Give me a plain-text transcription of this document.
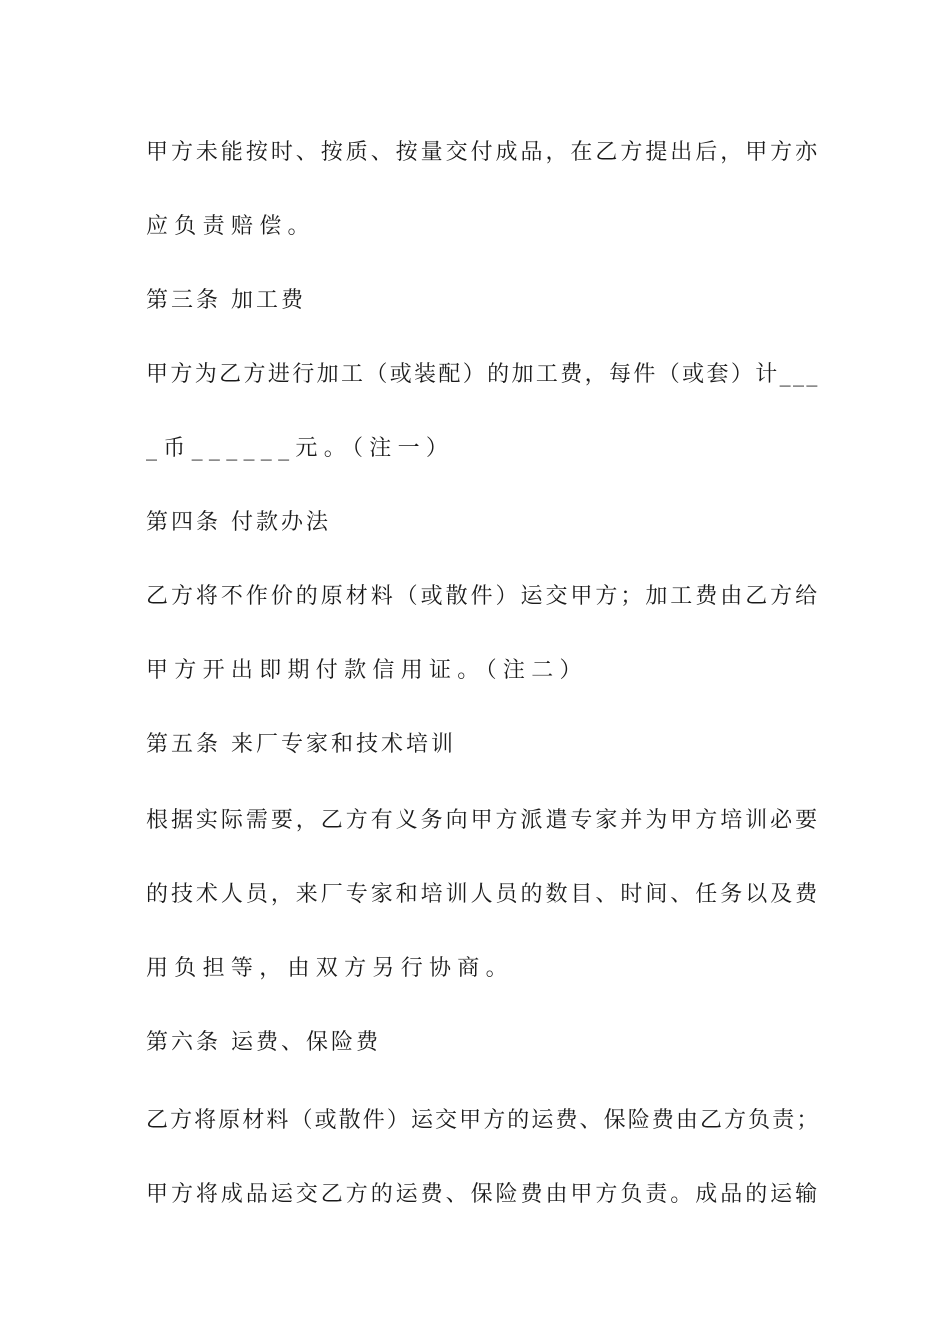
甲方未能按时、按质、按量交付成品，在乙方提出后，甲方亦
应负责赔偿。
第三条 加工费
甲方为乙方进行加工（或装配）的加工费，每件（或套）计___
_币______元。（注一）
第四条 付款办法
乙方将不作价的原材料（或散件）运交甲方；加工费由乙方给
甲方开出即期付款信用证。（注二）
第五条 来厂专家和技术培训
根据实际需要，乙方有义务向甲方派遣专家并为甲方培训必要
的技术人员，来厂专家和培训人员的数目、时间、任务以及费
用负担等，由双方另行协商。
第六条 运费、保险费
乙方将原材料（或散件）运交甲方的运费、保险费由乙方负责；
甲方将成品运交乙方的运费、保险费由甲方负责。成品的运输
